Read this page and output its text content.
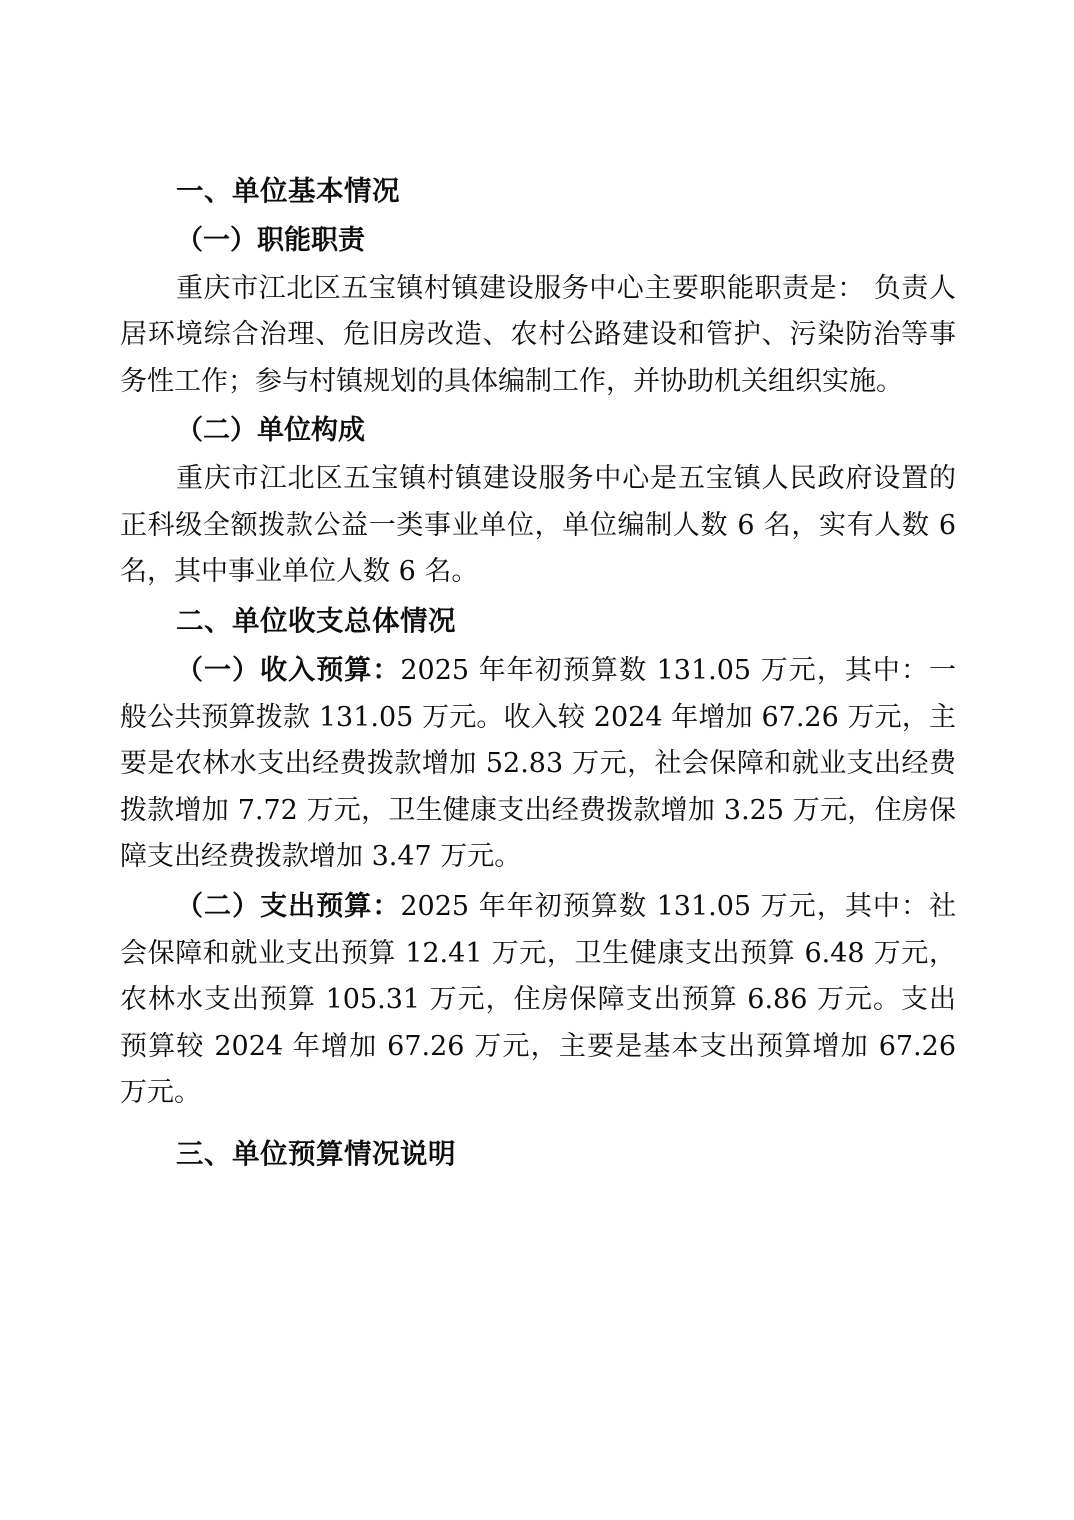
一、单位基本情况
（一）职能职责

重庆市江北区五宝镇村镇建设服务中心主要职能职责是： 负责人居环境综合治理、危旧房改造、农村公路建设和管护、污染防治等事务性工作；参与村镇规划的具体编制工作，并协助机关组织实施。

（二）单位构成

重庆市江北区五宝镇村镇建设服务中心是五宝镇人民政府设置的正科级全额拨款公益一类事业单位，单位编制人数 6 名，实有人数 6 名，其中事业单位人数 6 名。

二、单位收支总体情况

（一）收入预算：2025 年年初预算数 131.05 万元，其中：一般公共预算拨款 131.05 万元。收入较 2024 年增加 67.26 万元，主要是农林水支出经费拨款增加 52.83 万元，社会保障和就业支出经费拨款增加 7.72 万元，卫生健康支出经费拨款增加 3.25 万元，住房保障支出经费拨款增加 3.47 万元。

（二）支出预算：2025 年年初预算数 131.05 万元，其中：社会保障和就业支出预算 12.41 万元，卫生健康支出预算 6.48 万元，农林水支出预算 105.31 万元，住房保障支出预算 6.86 万元。支出预算较 2024 年增加 67.26 万元，主要是基本支出预算增加 67.26 万元。

三、单位预算情况说明
